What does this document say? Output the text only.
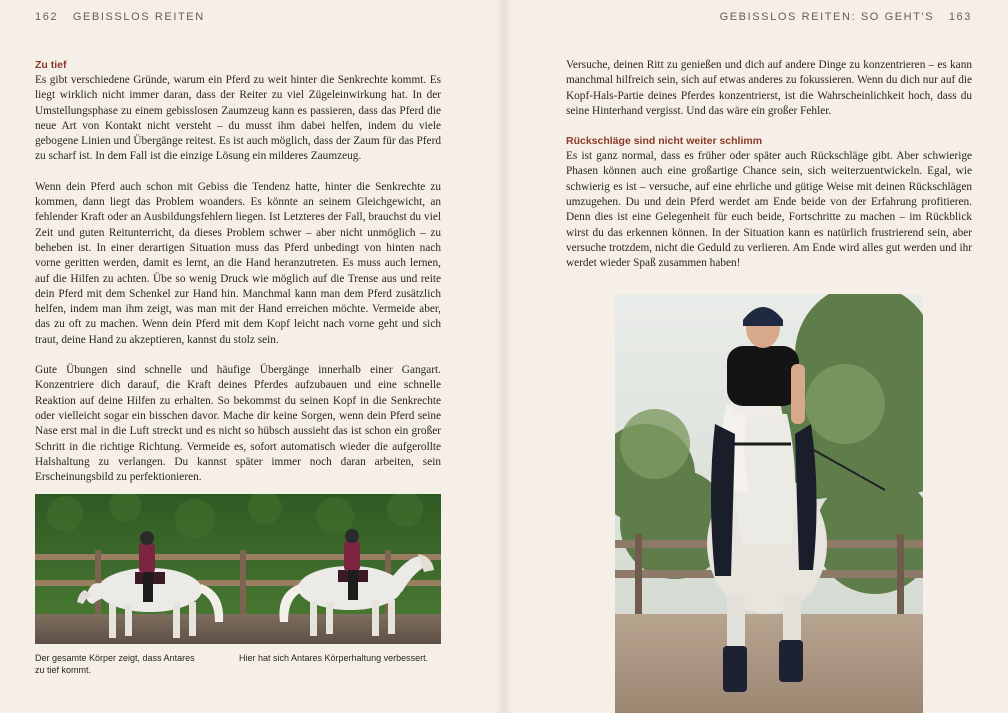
162 GEBISSLOS REITEN
Zu tief

Es gibt verschiedene Gründe, warum ein Pferd zu weit hinter die Senkrechte kommt. Es liegt wirklich nicht immer daran, dass der Reiter zu viel Zügeleinwirkung hat. In der Umstellungsphase zu einem gebisslosen Zaumzeug kann es passieren, dass das Pferd die neue Art von Kontakt nicht versteht – du musst ihm dabei helfen, indem du viele gebogene Linien und Übergänge reitest. Es ist auch möglich, dass der Zaum für das Pferd zu scharf ist. In dem Fall ist die einzige Lösung ein milderes Zaumzeug.

Wenn dein Pferd auch schon mit Gebiss die Tendenz hatte, hinter die Senkrechte zu kommen, dann liegt das Problem woanders. Es könnte an seinem Gleichgewicht, an fehlender Kraft oder an Ausbildungsfehlern liegen. Ist Letzteres der Fall, brauchst du viel Zeit und guten Reitunterricht, da dieses Problem schwer – aber nicht unmöglich – zu beheben ist. In einer derartigen Situation muss das Pferd unbedingt von hinten nach vorne geritten werden, damit es lernt, an die Hand heranzutreten. Es muss auch lernen, auf die Hilfen zu achten. Übe so wenig Druck wie möglich auf die Trense aus und reite dein Pferd mit dem Schenkel zur Hand hin. Manchmal kann man dem Pferd zusätzlich helfen, indem man ihm zeigt, was man mit der Hand erreichen möchte. Vermeide aber, das zu oft zu machen. Wenn dein Pferd mit dem Kopf leicht nach vorne geht und sich traut, deine Hand zu akzeptieren, kannst du stolz sein.

Gute Übungen sind schnelle und häufige Übergänge innerhalb einer Gangart. Konzentriere dich darauf, die Kraft deines Pferdes aufzubauen und eine schnelle Reaktion auf deine Hilfen zu erhalten. So bekommst du seinen Kopf in die Senkrechte oder vielleicht sogar ein bisschen davor. Mache dir keine Sorgen, wenn dein Pferd seine Nase erst mal in die Luft streckt und es nicht so hübsch aussieht das ist schon ein großer Schritt in die richtige Richtung. Vermeide es, sofort automatisch wieder die aufgerollte Halshaltung zu verlangen. Du kannst später immer noch daran arbeiten, sein Erscheinungsbild zu perfektionieren.

Der gesamte Körper zeigt, dass Antares zu tief kommt.
Hier hat sich Antares Körperhaltung verbessert.
GEBISSLOS REITEN: SO GEHT'S 163

Versuche, deinen Ritt zu genießen und dich auf andere Dinge zu konzentrieren – es kann manchmal hilfreich sein, sich auf etwas anderes zu fokussieren. Wenn du dich nur auf die Kopf-Hals-Partie deines Pferdes konzentrierst, ist die Wahrscheinlichkeit hoch, dass du seine Hinterhand vergisst. Und das wäre ein großer Fehler.

Rückschläge sind nicht weiter schlimm

Es ist ganz normal, dass es früher oder später auch Rückschläge gibt. Aber schwierige Phasen können auch eine großartige Chance sein, sich weiterzuentwickeln. Egal, wie schwierig es ist – versuche, auf eine ehrliche und gütige Weise mit deinen Rückschlägen umzugehen. Du und dein Pferd werdet am Ende beide von der Erfahrung profitieren. Denn dies ist eine Gelegenheit für euch beide, Fortschritte zu machen – im Rückblick wirst du das erkennen können. In der Situation kann es natürlich frustrierend sein, aber versuche trotzdem, nicht die Geduld zu verlieren. Am Ende wird alles gut werden und ihr werdet wieder Spaß zusammen haben!
